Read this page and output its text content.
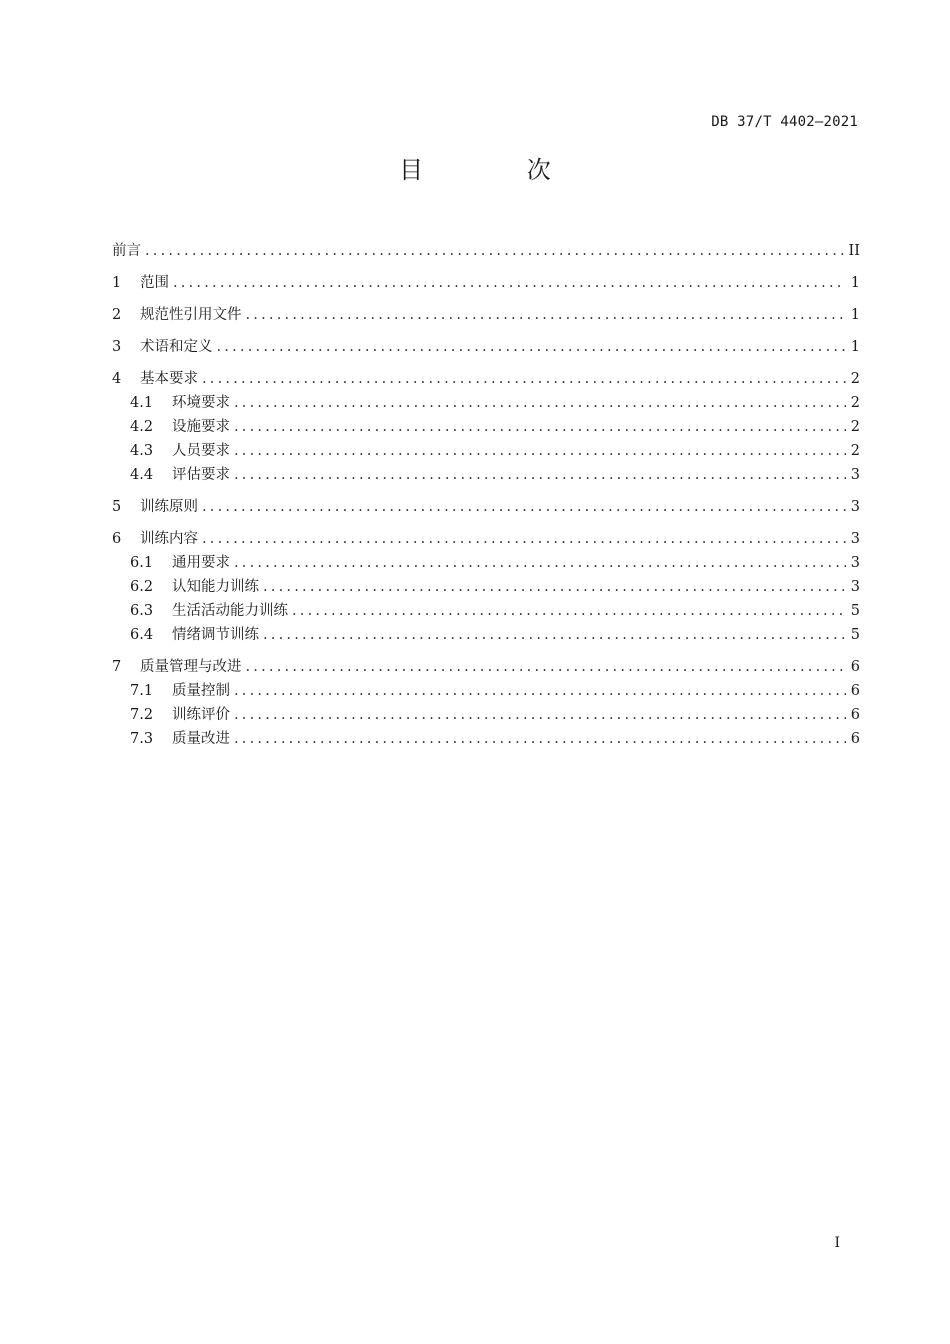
DB 37/T 4402—2021
目 次
前言 .....	II
1	范围 .....	1
2	规范性引用文件 .....	1
3	术语和定义 .....	1
4	基本要求 .....	2
4.1	环境要求 .....	2
4.2	设施要求 .....	2
4.3	人员要求 .....	2
4.4	评估要求 .....	3
5	训练原则 .....	3
6	训练内容 .....	3
6.1	通用要求 .....	3
6.2	认知能力训练 .....	3
6.3	生活活动能力训练 .....	5
6.4	情绪调节训练 .....	5
7	质量管理与改进 .....	6
7.1	质量控制 .....	6
7.2	训练评价 .....	6
7.3	质量改进 .....	6
I
